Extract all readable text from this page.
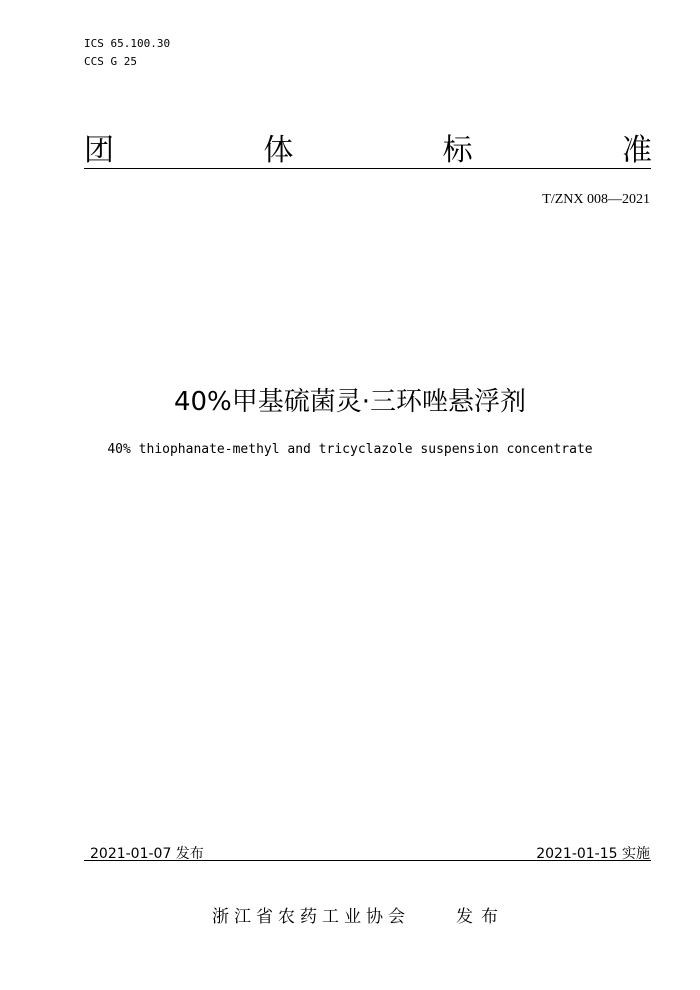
ICS 65.100.30
CCS G 25
团	体	标	准
T/ZNX 008—2021
40%甲基硫菌灵·三环唑悬浮剂
40% thiophanate-methyl and tricyclazole suspension concentrate
2021-01-07 发布	2021-01-15 实施
浙江省农药工业协会	发布
